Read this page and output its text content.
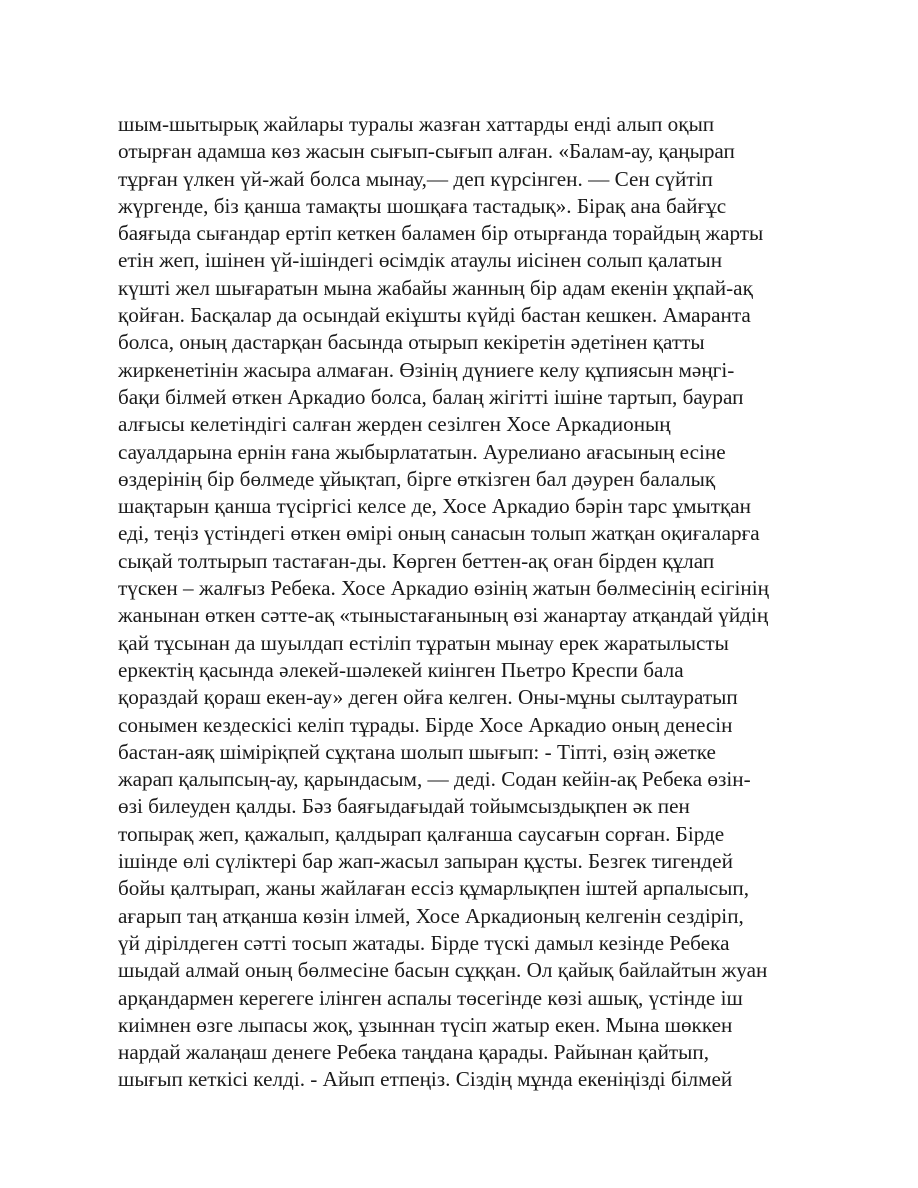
шым-шытырық жайлары туралы жазған хаттарды енді алып оқып
отырған адамша көз жасын сығып-сығып алған. «Балам-ау, қаңырап
тұрған үлкен үй-жай болса мынау,— деп күрсінген. — Сен сүйтіп
жүргенде, біз қанша тамақты шошқаға тастадық». Бірақ ана байғұс
баяғыда сығандар ертіп кеткен баламен бір отырғанда торайдың жарты
етін жеп, ішінен үй-ішіндегі өсімдік атаулы иісінен солып қалатын
күшті жел шығаратын мына жабайы жанның бір адам екенін ұқпай-ақ
қойған. Басқалар да осындай екіұшты күйді бастан кешкен. Амаранта
болса, оның дастарқан басында отырып кекіретін әдетінен қатты
жиркенетінін жасыра алмаған. Өзінің дүниеге келу құпиясын мәңгі-
бақи білмей өткен Аркадио болса, балаң жігітті ішіне тартып, баурап
алғысы келетіндігі салған жерден сезілген Хосе Аркадионың
сауалдарына ернін ғана жыбырлататын. Аурелиано ағасының есіне
өздерінің бір бөлмеде ұйықтап, бірге өткізген бал дәурен балалық
шақтарын қанша түсіргісі келсе де, Хосе Аркадио бәрін тарс ұмытқан
еді, теңіз үстіндегі өткен өмірі оның санасын толып жатқан оқиғаларға
сықай толтырып тастаған-ды. Көрген беттен-ақ оған бірден құлап
түскен – жалғыз Ребека. Хосе Аркадио өзінің жатын бөлмесінің есігінің
жанынан өткен сәтте-ақ «тыныстағанының өзі жанартау атқандай үйдің
қай тұсынан да шуылдап естіліп тұратын мынау ерек жаратылысты
еркектің қасында әлекей-шәлекей киінген Пьетро Креспи бала
қораздай қораш екен-ау» деген ойға келген. Оны-мұны сылтауратып
сонымен кездескісі келіп тұрады. Бірде Хосе Аркадио оның денесін
бастан-аяқ шіміріқпей сұқтана шолып шығып: - Тіпті, өзің әжетке
жарап қалыпсың-ау, қарындасым, — деді. Содан кейін-ақ Ребека өзін-
өзі билеуден қалды. Бәз баяғыдағыдай тойымсыздықпен әк пен
топырақ жеп, қажалып, қалдырап қалғанша саусағын сорған. Бірде
ішінде өлі сүліктері бар жап-жасыл запыран құсты. Безгек тигендей
бойы қалтырап, жаны жайлаған ессіз құмарлықпен іштей арпалысып,
ағарып таң атқанша көзін ілмей, Хосе Аркадионың келгенін сездіріп,
үй дірілдеген сәтті тосып жатады. Бірде түскі дамыл кезінде Ребека
шыдай алмай оның бөлмесіне басын сұққан. Ол қайық байлайтын жуан
арқандармен керегеге ілінген аспалы төсегінде көзі ашық, үстінде іш
киімнен өзге лыпасы жоқ, ұзыннан түсіп жатыр екен. Мына шөккен
нардай жалаңаш денеге Ребека таңдана қарады. Райынан қайтып,
шығып кеткісі келді. - Айып етпеңіз. Сіздің мұнда екеніңізді білмей
